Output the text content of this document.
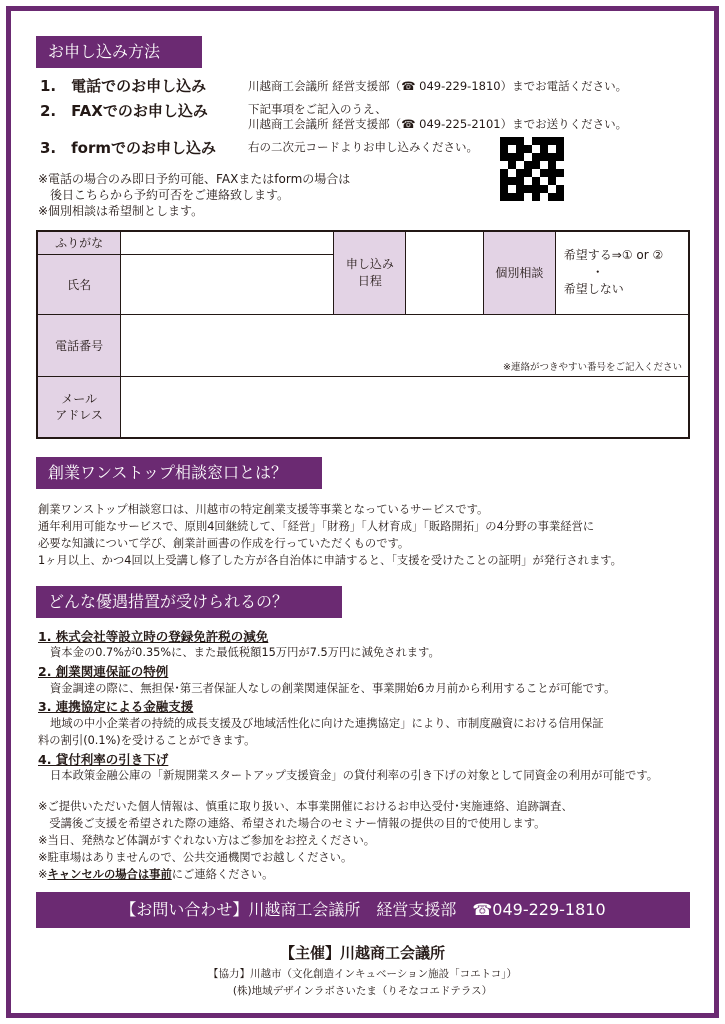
お申し込み方法
1.　電話でのお申し込み	川越商工会議所 経営支援部（☎ 049-229-1810）までお電話ください。
2.　FAXでのお申し込み	下記事項をご記入のうえ、
川越商工会議所 経営支援部（☎ 049-225-2101）までお送りください。
3.　formでのお申し込み	右の二次元コードよりお申し込みください。
※電話の場合のみ即日予約可能、FAXまたはformの場合は
　後日こちらから予約可否をご連絡致します。
※個別相談は希望制とします。
ふりがな		申し込み日程		個別相談	希望する⇒① or ②
・
希望しない

氏名					
電話番号	※連絡がつきやすい番号をご記入ください				

メール
アドレス					

創業ワンストップ相談窓口とは？
創業ワンストップ相談窓口は、川越市の特定創業支援等事業となっているサービスです。
通年利用可能なサービスで、原則4回継続して、「経営」「財務」「人材育成」「販路開拓」の4分野の事業経営に
必要な知識について学び、創業計画書の作成を行っていただくものです。
1ヶ月以上、かつ4回以上受講し修了した方が各自治体に申請すると、「支援を受けたことの証明」が発行されます。
どんな優遇措置が受けられるの？
1. 株式会社等設立時の登録免許税の減免
資本金の0.7%が0.35%に、また最低税額15万円が7.5万円に減免されます。
2. 創業関連保証の特例
資金調達の際に、無担保･第三者保証人なしの創業関連保証を、事業開始6カ月前から利用することが可能です。
3. 連携協定による金融支援
地域の中小企業者の持続的成長支援及び地域活性化に向けた連携協定」により、市制度融資における信用保証
料の割引(0.1%)を受けることができます。
4. 貸付利率の引き下げ
日本政策金融公庫の「新規開業スタートアップ支援資金」の貸付利率の引き下げの対象として同資金の利用が可能です。
※ご提供いただいた個人情報は、慎重に取り扱い、本事業開催におけるお申込受付･実施連絡、追跡調査、
　受講後ご支援を希望された際の連絡、希望された場合のセミナー情報の提供の目的で使用します。
※当日、発熱など体調がすぐれない方はご参加をお控えください。
※駐車場はありませんので、公共交通機関でお越しください。
※キャンセルの場合は事前にご連絡ください。
【お問い合わせ】川越商工会議所　経営支援部　☎049-229-1810
【主催】川越商工会議所
【協力】川越市（文化創造インキュベーション施設「コエトコ」）
(株)地域デザインラボさいたま（りそなコエドテラス）
